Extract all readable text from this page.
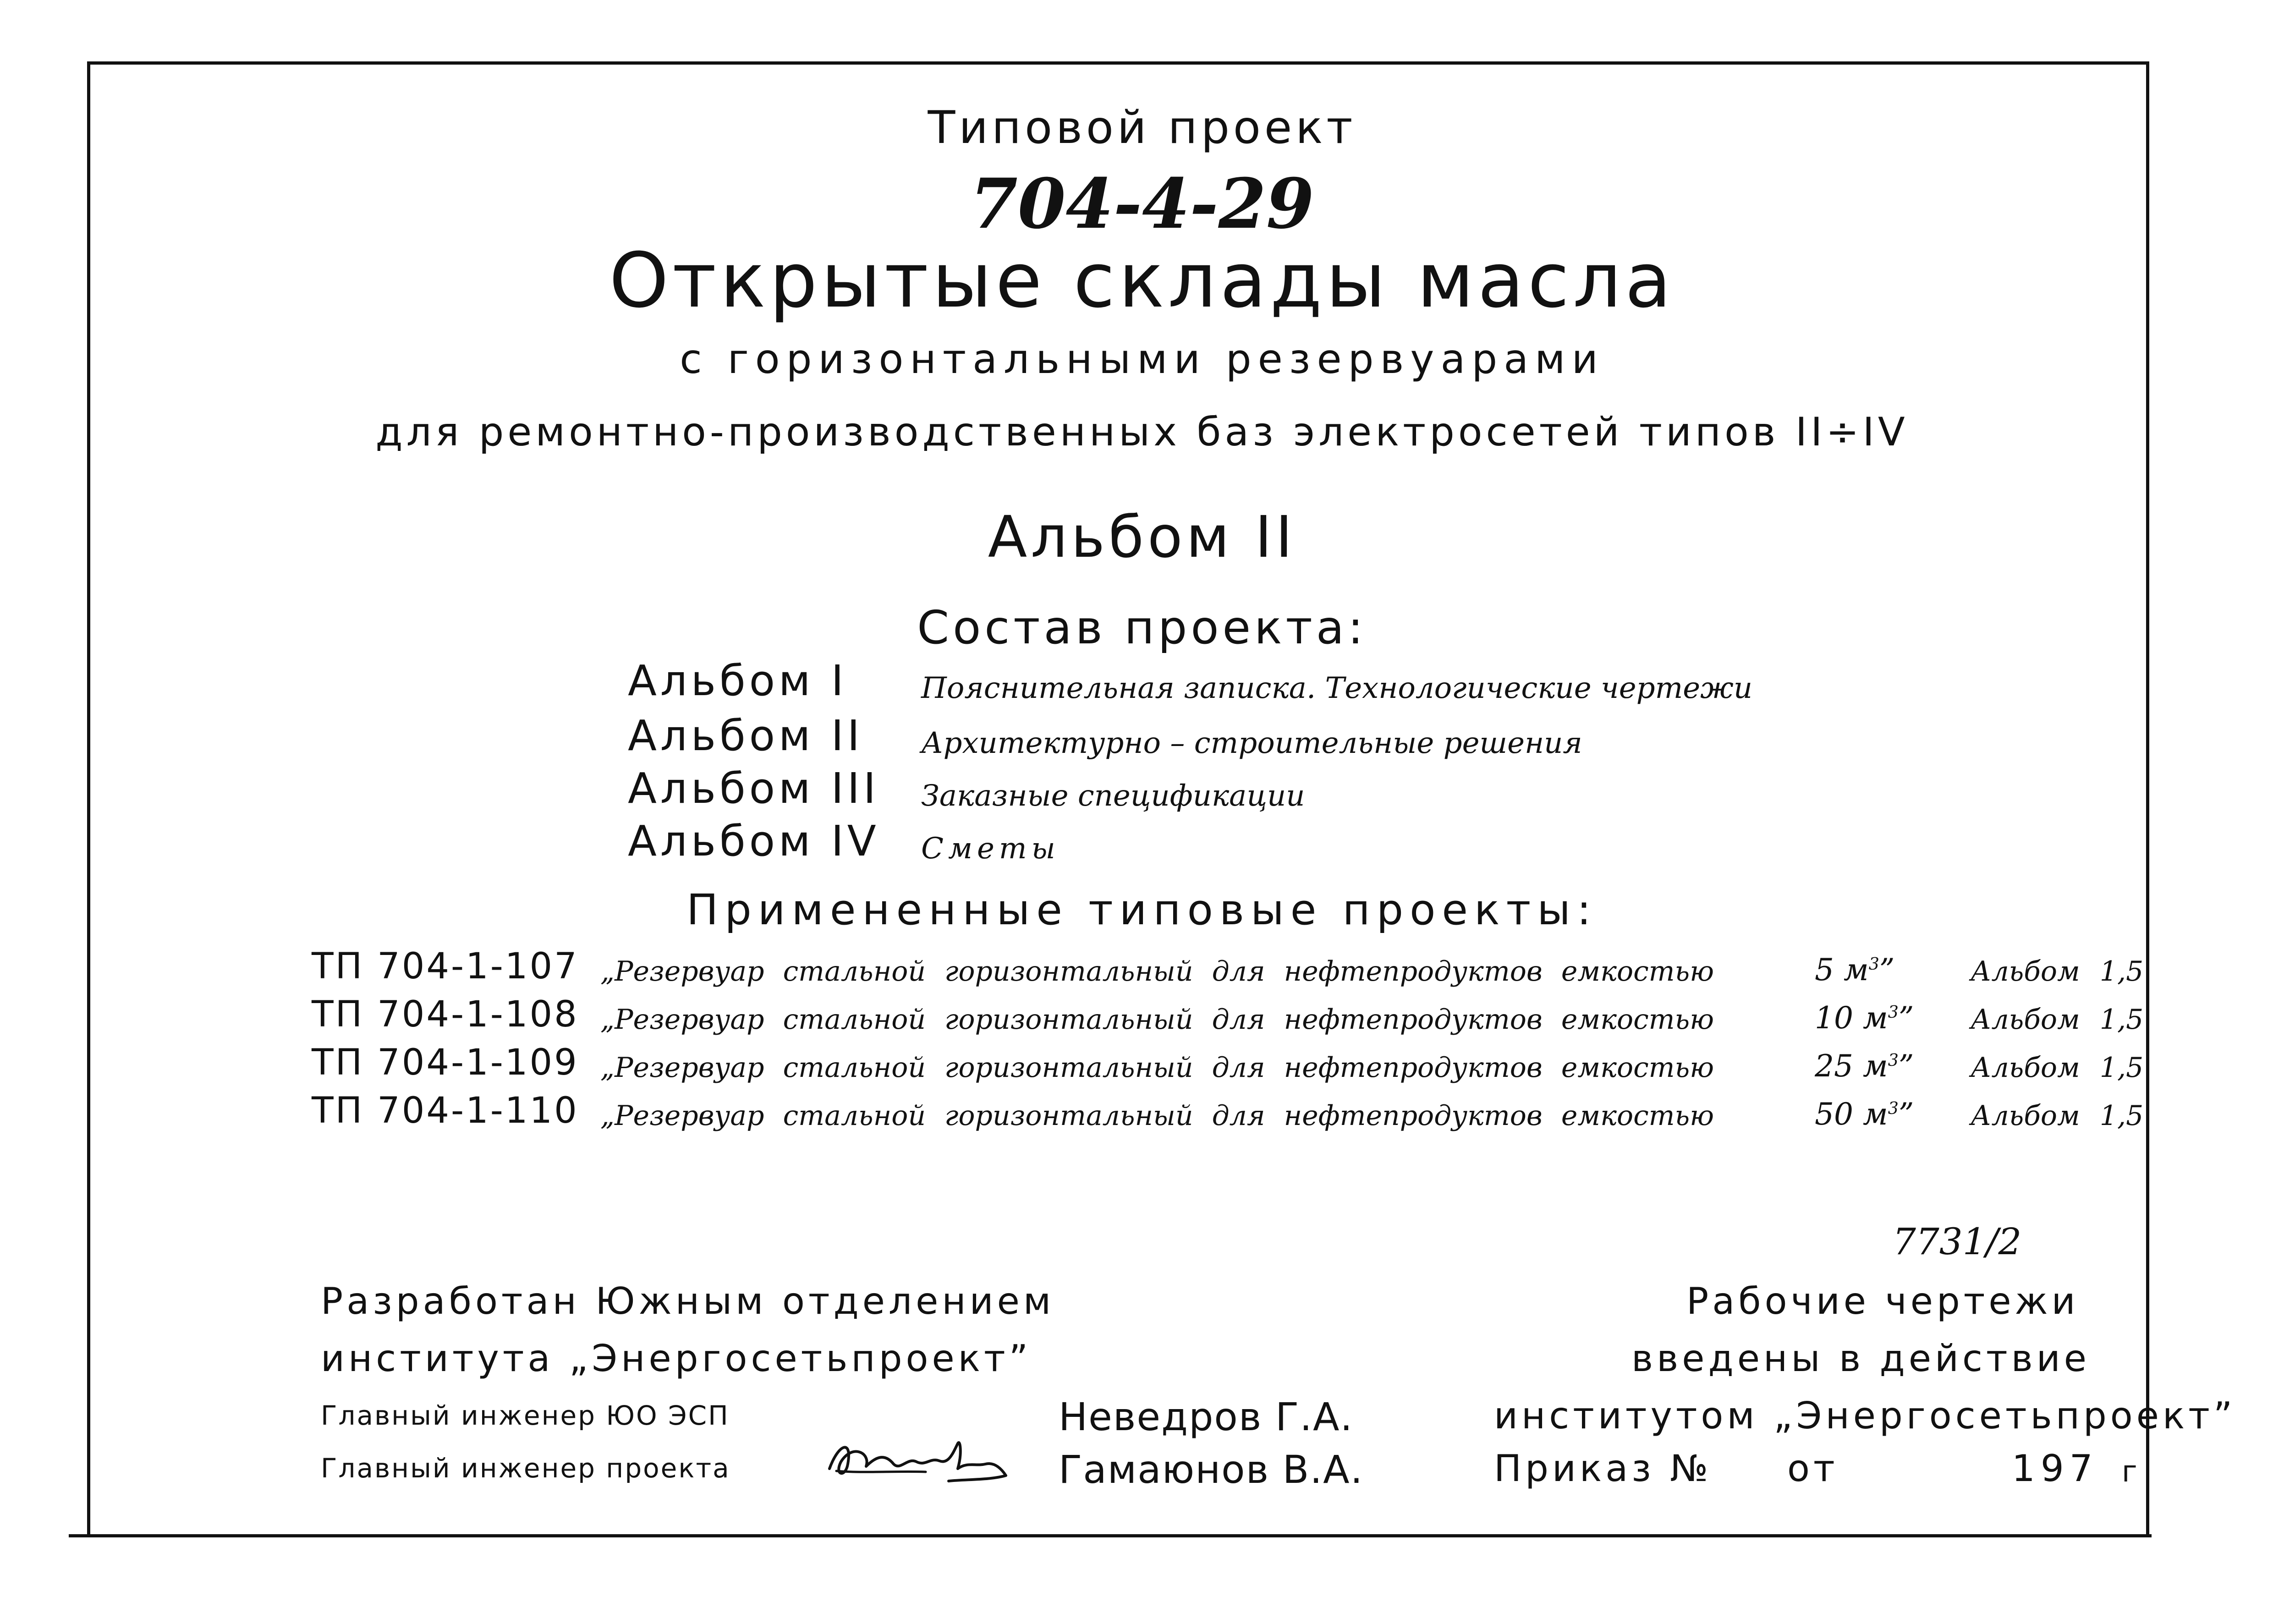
Типовой проект
704-4-29
Открытые склады масла
с горизонтальными резервуарами
для ремонтно-производственных баз электросетей типов II÷IV
Альбом II
Состав проекта:
Альбом I	Пояснительная записка. Технологические чертежи
Альбом II Архитектурно – строительные решения
Альбом III Заказные спецификации
Альбом IV Сметы
Примененные типовые проекты:
ТП 704-1-107 „Резервуар стальной горизонтальный для нефтепродуктов емкостью	5 $м^3$”	Альбом 1,5
ТП 704-1-108 „Резервуар стальной горизонтальный для нефтепродуктов емкостью	10 $м^3$” Альбом 1,5
ТП 704-1-109 „Резервуар стальной горизонтальный для нефтепродуктов емкостью	25 $м^3$” Альбом 1,5
ТП 704-1-110 „Резервуар стальной горизонтальный для нефтепродуктов емкостью	50 $м^3$” Альбом 1,5
7731/2
Разработан Южным отделением
института „Энергосетьпроект”
Главный инженер ЮО ЭСП
Главный инженер проекта
Неведров Г.А.
Гамаюнов В.А.
Рабочие чертежи
введены в действие
институтом „Энергосетьпроект”
Приказ № от	197 г
